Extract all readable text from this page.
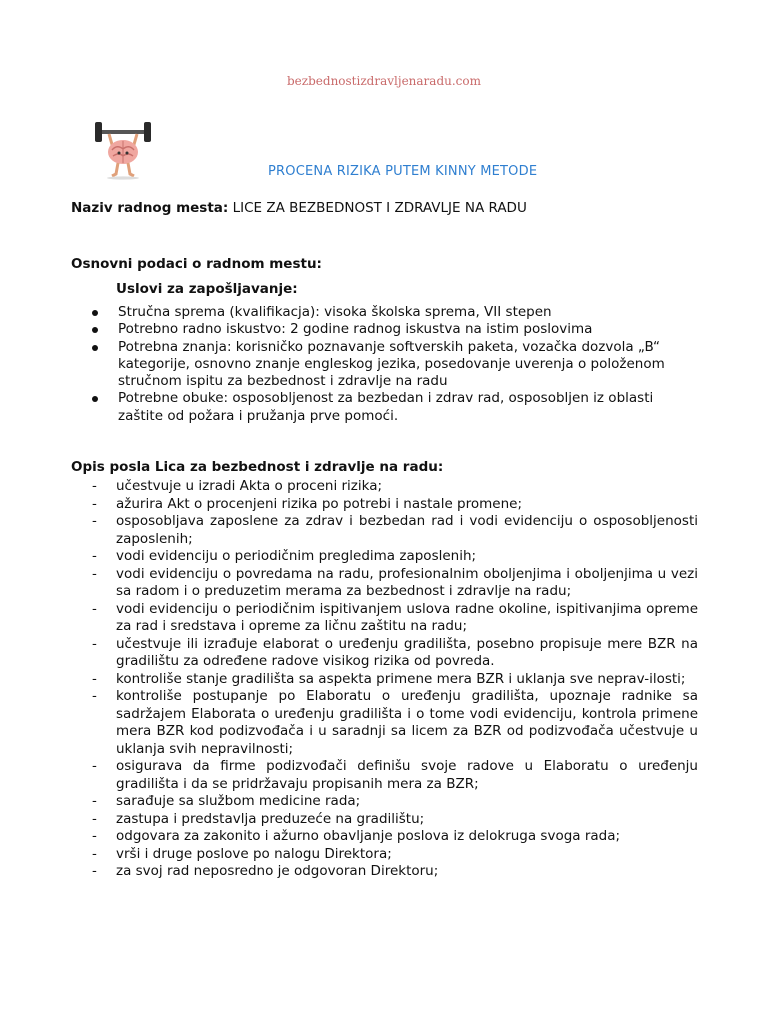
bezbednostizdravljenaradu.com
PROCENA RIZIKA PUTEM KINNY METODE
Naziv radnog mesta: LICE ZA BEZBEDNOST I ZDRAVLJE NA RADU
Osnovni podaci o radnom mestu:
Uslovi za zapošljavanje:
Stručna sprema (kvalifikacja): visoka školska sprema, VII stepen
Potrebno radno iskustvo: 2 godine radnog iskustva na istim poslovima
Potrebna znanja: korisničko poznavanje softverskih paketa, vozačka dozvola „B“ kategorije, osnovno znanje engleskog jezika, posedovanje uverenja o položenom stručnom ispitu za bezbednost i zdravlje na radu
Potrebne obuke: osposobljenost za bezbedan i zdrav rad, osposobljen iz oblasti zaštite od požara i pružanja prve pomoći.
Opis posla Lica za bezbednost i zdravlje na radu:
- učestvuje u izradi Akta o proceni rizika;
- ažurira Akt o procenjeni rizika po potrebi i nastale promene;
- osposobljava zaposlene za zdrav i bezbedan rad i vodi evidenciju o osposobljenosti zaposlenih;
- vodi evidenciju o periodičnim pregledima zaposlenih;
- vodi evidenciju o povredama na radu, profesionalnim oboljenjima i oboljenjima u vezi sa radom i o preduzetim merama za bezbednost i zdravlje na radu;
- vodi evidenciju o periodičnim ispitivanjem uslova radne okoline, ispitivanjima opreme za rad i sredstava i opreme za ličnu zaštitu na radu;
- učestvuje ili izrađuje elaborat o uređenju gradilišta, posebno propisuje mere BZR na gradilištu za određene radove visikog rizika od povreda.
- kontroliše stanje gradilišta sa aspekta primene mera BZR i uklanja sve neprav-ilosti;
- kontroliše postupanje po Elaboratu o uređenju gradilišta, upoznaje radnike sa sadržajem Elaborata o uređenju gradilišta i o tome vodi evidenciju, kontrola primene mera BZR kod podizvođača i u saradnji sa licem za BZR od podizvođača učestvuje u uklanja svih nepravilnosti;
- osigurava da firme podizvođači definišu svoje radove u Elaboratu o uređenju gradilišta i da se pridržavaju propisanih mera za BZR;
- sarađuje sa službom medicine rada;
- zastupa i predstavlja preduzeće na gradilištu;
- odgovara za zakonito i ažurno obavljanje poslova iz delokruga svoga rada;
- vrši i druge poslove po nalogu Direktora;
- za svoj rad neposredno je odgovoran Direktoru;
